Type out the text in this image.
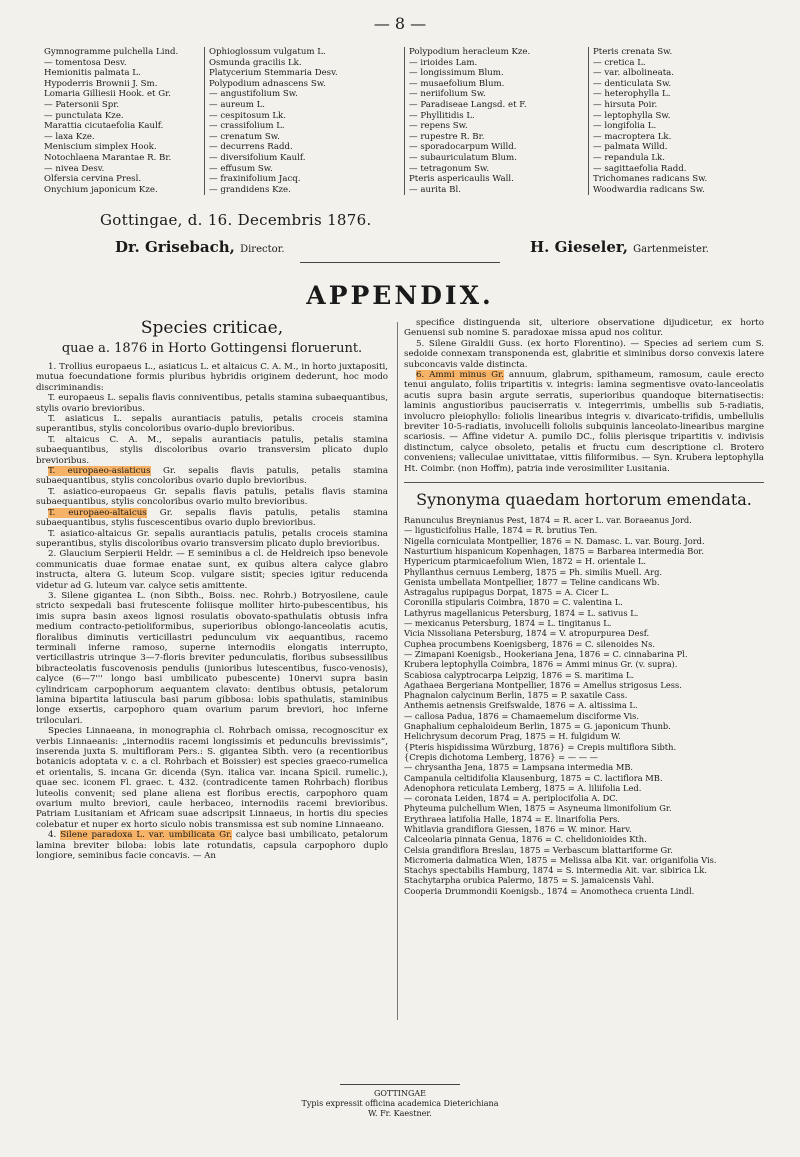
— 8 —
Gymnogramme pulchella Lind.
— tomentosa Desv.
Hemionitis palmata L.
Hypoderris Brownii J. Sm.
Lomaria Gilliesii Hook. et Gr.
— Patersonii Spr.
— punctulata Kze.
Marattia cicutaefolia Kaulf.
— laxa Kze.
Meniscium simplex Hook.
Notochlaena Marantae R. Br.
— nivea Desv.
Olfersia cervina Presl.
Onychium japonicum Kze.
Ophioglossum vulgatum L.
Osmunda gracilis Lk.
Platycerium Stemmaria Desv.
Polypodium adnascens Sw.
— angustifolium Sw.
— aureum L.
— cespitosum Lk.
— crassifolium L.
— crenatum Sw.
— decurrens Radd.
— diversifolium Kaulf.
— effusum Sw.
— fraxinifolium Jacq.
— grandidens Kze.
Polypodium heracleum Kze.
— irioides Lam.
— longissimum Blum.
— musaefolium Blum.
— neriifolium Sw.
— Paradiseae Langsd. et F.
— Phyllitidis L.
— repens Sw.
— rupestre R. Br.
— sporadocarpum Willd.
— subauriculatum Blum.
— tetragonum Sw.
Pteris aspericaulis Wall.
— aurita Bl.
Pteris crenata Sw.
— cretica L.
— var. albolineata.
— denticulata Sw.
— heterophylla L.
— hirsuta Poir.
— leptophylla Sw.
— longifolia L.
— macroptera Lk.
— palmata Willd.
— repandula Lk.
— sagittaefolia Radd.
Trichomanes radicans Sw.
Woodwardia radicans Sw.
Gottingae, d. 16. Decembris 1876.
Dr. Grisebach, Director.	H. Gieseler, Gartenmeister.
APPENDIX.
Species criticae,
quae a. 1876 in Horto Gottingensi floruerunt.
1. Trollius europaeus L., asiaticus L. et altaicus C. A. M., in horto juxtapositi, mutua foecundatione formis pluribus hybridis originem dederunt, hoc modo discriminandis:
T. europaeus L. sepalis flavis conniventibus, petalis stamina subaequantibus, stylis ovario brevioribus.
T. asiaticus L. sepalis aurantiacis patulis, petalis croceis stamina superantibus, stylis concoloribus ovario-duplo brevioribus.
T. altaicus C. A. M., sepalis aurantiacis patulis, petalis stamina subaequantibus, stylis discoloribus ovario transversim plicato duplo brevioribus.
T. europaeo-asiaticus Gr. sepalis flavis patulis, petalis stamina subaequantibus, stylis concoloribus ovario duplo brevioribus.
T. asiatico-europaeus Gr. sepalis flavis patulis, petalis flavis stamina subaequantibus, stylis concoloribus ovario multo brevioribus.
T. europaeo-altaicus Gr. sepalis flavis patulis, petalis stamina subaequantibus, stylis fuscescentibus ovario duplo brevioribus.
T. asiatico-altaicus Gr. sepalis aurantiacis patulis, petalis croceis stamina superantibus, stylis discoloribus ovario transversim plicato duplo brevioribus.
2. Glaucium Serpierii Heldr. — E seminibus a cl. de Heldreich ipso benevole communicatis duae formae enatae sunt, ex quibus altera calyce glabro instructa, altera G. luteum Scop. vulgare sistit; species igitur reducenda videtur ad G. luteum var. calyce setis amittente.
3. Silene gigantea L. (non Sibth., Boiss. nec. Rohrb.) Botryosilene, caule stricto sexpedali basi frutescente foliisque molliter hirto-pubescentibus, his imis supra basin axeos lignosi rosulatis obovato-spathulatis obtusis infra medium contracto-petioliformibus, superioribus oblongo-lanceolatis acutis, floralibus diminutis verticillastri pedunculum vix aequantibus, racemo terminali inferne ramoso, superne internodiis elongatis interrupto, verticillastris utrinque 3—7-floris breviter pedunculatis, floribus subsessilibus bibracteolatis fuscovenosis pendulis (junioribus lutescentibus, fusco-venosis), calyce (6—7''' longo basi umbilicato pubescente) 10nervi supra basin cylindricam carpophorum aequantem clavato: dentibus obtusis, petalorum lamina bipartita latiuscula basi parum gibbosa: lobis spathulatis, staminibus longe exsertis, carpophoro quam ovarium parum breviori, hoc inferne triloculari.
Species Linnaeana, in monographia cl. Rohrbach omissa, recognoscitur ex verbis Linnaeanis: „internodiis racemi longissimis et pedunculis brevissimis“, inserenda juxta S. multifloram Pers.: S. gigantea Sibth. vero (a recentioribus botanicis adoptata v. c. a cl. Rohrbach et Boissier) est species graeco-rumelica et orientalis, S. incana Gr. dicenda (Syn. italica var. incana Spicil. rumelic.), quae sec. iconem Fl. graec. t. 432. (contradicente tamen Rohrbach) floribus luteolis convenit; sed plane aliena est floribus erectis, carpophoro quam ovarium multo breviori, caule herbaceo, internodiis racemi brevioribus. Patriam Lusitaniam et Africam suae adscripsit Linnaeus, in hortis diu species colebatur et nuper ex horto siculo nobis transmissa est sub nomine Linnaeano.
4. Silene paradoxa L. var. umbilicata Gr. calyce basi umbilicato, petalorum lamina breviter biloba: lobis late rotundatis, capsula carpophoro duplo longiore, seminibus facie concavis. — An
specifice distinguenda sit, ulteriore observatione dijudicetur, ex horto Genuensi sub nomine S. paradoxae missa apud nos colitur.
5. Silene Giraldii Guss. (ex horto Florentino). — Species ad seriem cum S. sedoide connexam transponenda est, glabritie et siminibus dorso convexis latere subconcavis valde distincta.
6. Ammi minus Gr. annuum, glabrum, spithameum, ramosum, caule erecto tenui angulato, foliis tripartitis v. integris: lamina segmentisve ovato-lanceolatis acutis supra basin argute serratis, superioribus quandoque biternatisectis: laminis angustioribus pauciserratis v. integerrimis, umbellis sub 5-radiatis, involucro pleiophyllo: foliolis linearibus integris v. divaricato-trifidis, umbellulis breviter 10-5-radiatis, involucelli foliolis subquinis lanceolato-linearibus margine scariosis. — Affine videtur A. pumilo DC., foliis plerisque tripartitis v. indivisis distinctum, calyce obsoleto, petalis et fructu cum descriptione cl. Brotero conveniens; valleculae univittatae, vittis filiformibus. — Syn. Krubera leptophylla Ht. Coimbr. (non Hoffm), patria inde verosimiliter Lusitania.
Synonyma quaedam hortorum emendata.
Ranunculus Breynianus Pest, 1874 = R. acer L. var. Boraeanus Jord.
— ligusticifolius Halle, 1874 = R. brutius Ten.
Nigella corniculata Montpellier, 1876 = N. Damasc. L. var. Bourg. Jord.
Nasturtium hispanicum Kopenhagen, 1875 = Barbarea intermedia Bor.
Hypericum ptarmicaefolium Wien, 1872 = H. orientale L.
Phyllanthus cernuus Lemberg, 1875 = Ph. similis Muell. Arg.
Genista umbellata Montpellier, 1877 = Teline candicans Wb.
Astragalus rupipagus Dorpat, 1875 = A. Cicer L.
Coronilla stipularis Coimbra, 1870 = C. valentina L.
Lathyrus magellanicus Petersburg, 1874 = L. sativus L.
— mexicanus Petersburg, 1874 = L. tingitanus L.
Vicia Nissoliana Petersburg, 1874 = V. atropurpurea Desf.
Cuphea procumbens Koenigsberg, 1876 = C. silenoides Ns.
— Zimapani Koenigsb., Hookeriana Jena, 1876 = C. cinnabarina Pl.
Krubera leptophylla Coimbra, 1876 = Ammi minus Gr. (v. supra).
Scabiosa calyptrocarpa Leipzig, 1876 = S. maritima L.
Agathaea Bergeriana Montpellier, 1876 = Amellus strigosus Less.
Phagnalon calycinum Berlin, 1875 = P. saxatile Cass.
Anthemis aetnensis Greifswalde, 1876 = A. altissima L.
— callosa Padua, 1876 = Chamaemelum disciforme Vis.
Gnaphalium cephaloideum Berlin, 1875 = G. japonicum Thunb.
Helichrysum decorum Prag, 1875 = H. fulgidum W.
{Pteris hispidissima Würzburg, 1876} = Crepis multiflora Sibth.
{Crepis dichotoma Lemberg, 1876} = — — —
— chrysantha Jena, 1875 = Lampsana intermedia MB.
Campanula celtidifolia Klausenburg, 1875 = C. lactiflora MB.
Adenophora reticulata Lemberg, 1875 = A. liliifolia Led.
— coronata Leiden, 1874 = A. periplocifolia A. DC.
Phyteuma pulchellum Wien, 1875 = Asyneuma limonifolium Gr.
Erythraea latifolia Halle, 1874 = E. linarifolia Pers.
Whitlavia grandiflora Giessen, 1876 = W. minor. Harv.
Calceolaria pinnata Genua, 1876 = C. chelidonioides Kth.
Celsia grandiflora Breslau, 1875 = Verbascum blattariforme Gr.
Micromeria dalmatica Wien, 1875 = Melissa alba Kit. var. origanifolia Vis.
Stachys spectabilis Hamburg, 1874 = S. intermedia Ait. var. sibirica Lk.
Stachytarpha orubica Palermo, 1875 = S. jamaicensis Vahl.
Cooperia Drummondii Koenigsb., 1874 = Anomotheca cruenta Lindl.
GOTTINGAE
Typis expressit officina academica Dieterichiana
W. Fr. Kaestner.
